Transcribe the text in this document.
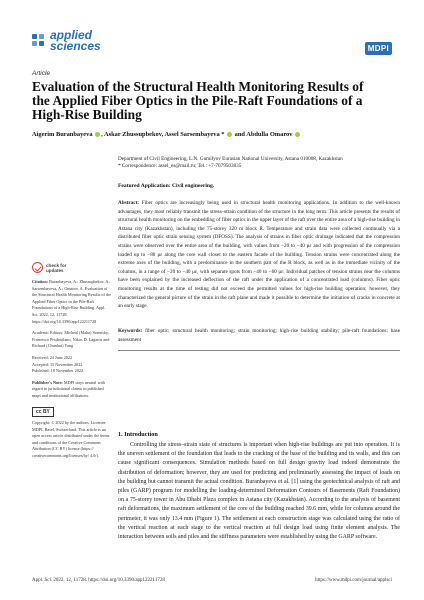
applied
sciences	MDPI
Article
Evaluation of the Structural Health Monitoring Results of the Applied Fiber Optics in the Pile-Raft Foundations of a High-Rise Building
Aigerim Buranbayeva , Askar Zhussupbekov, Assel Sarsembayeva *  and Abdulla Omarov
Department of Civil Engineering, L.N. Gumilyov Eurasian National University, Astana 010008, Kazakhstan
* Correspondence: assel_es@mail.ru; Tel.: +7-7079503035
Featured Application: Civil engineering.

Abstract: Fiber optics are increasingly being used in structural health monitoring applications. In addition to the well-known advantages, they most reliably transmit the stress–strain condition of the structure in the long term. This article presents the results of structural health monitoring on the embedding of fiber optics in the upper layer of the raft over the entire area of a high-rise building in Astana city (Kazakhstan), including the 75-storey 320 m block R. Temperature and strain data were collected continually via a distributed fiber optic strain sensing system (DFOSS). The analysis of strains in fiber optic drainage indicated that the compression strains were observed over the entire area of the building, with values from −20 to −40 με and with progression of the compression loaded up to −80 με along the core wall closer to the eastern facade of the building. Tension strains were concentrated along the extreme axes of the building, with a predominance in the southern part of the R block, as well as in the immediate vicinity of the columns, in a range of −20 to −40 με, with separate spots from −40 to −60 με. Individual patches of tension strains near the columns have been explained by the increased deflection of the raft under the application of a concentrated load (columns). Fiber optic monitoring results at the time of testing did not exceed the permitted values for high-rise building operation; however, they characterized the general picture of the strain in the raft plane and made it possible to determine the initiation of cracks in concrete at an early stage.

Keywords: fiber optic; structural health monitoring; strain monitoring; high-rise building stability; pile-raft foundations; base assessment

check for
updates
Citation: Buranbayeva, A.; Zhussupbekov, A.; Sarsembayeva, A.; Omarov, A. Evaluation of the Structural Health Monitoring Results of the Applied Fiber Optics in the Pile-Raft Foundations of a High-Rise Building. Appl. Sci. 2022, 12, 11728. https://doi.org/10.3390/app122211728
Academic Editors: Micheal (Maha) Sorensky, Francesco Prodoxtlano, Nikos D. Lagaros and Richard (Chunhui) Yang
Received: 24 June 2022
Accepted: 15 November 2022
Published: 18 November 2022
Publisher's Note: MDPI stays neutral with regard to jurisdictional claims in published maps and institutional affiliations.
cc BY
Copyright: © 2022 by the authors. Licensee MDPI, Basel, Switzerland. This article is an open access article distributed under the terms and conditions of the Creative Commons Attribution (CC BY) license (https:// creativecommons.org/licenses/by/ 4.0/).
1. Introduction

Controlling the stress–strain state of structures is important when high-rise buildings are put into operation. It is the uneven settlement of the foundation that leads to the cracking of the base of the building and its walls, and this can cause significant consequences. Simulation methods based on full design gravity load indeed demonstrate the distribution of deformation; however, they are used for predicting and preliminarily assessing the impact of loads on the building but cannot transmit the actual condition. Buranbayeva et al. [1] using the geotechnical analysis of raft and piles (GARP) program for modelling the loading-determined Deformation Contours of Basements (Raft Foundation) on a 75-storey tower in Abu Dhabi Plaza complex in Astana city (Kazakhstan). According to the analysis of basement raft deformations, the maximum settlement of the core of the building reached 39.6 mm, while for columns around the perimeter, it was only 13.4 mm (Figure 1). The settlement at each construction stage was calculated using the ratio of the vertical reaction at each stage to the vertical reaction at full design load using finite element analysis. The interaction between soils and piles and the stiffness parameters were established by using the GARP software.

Appl. Sci. 2022, 12, 11728. https://doi.org/10.3390/app122211728	https://www.mdpi.com/journal/applsci
